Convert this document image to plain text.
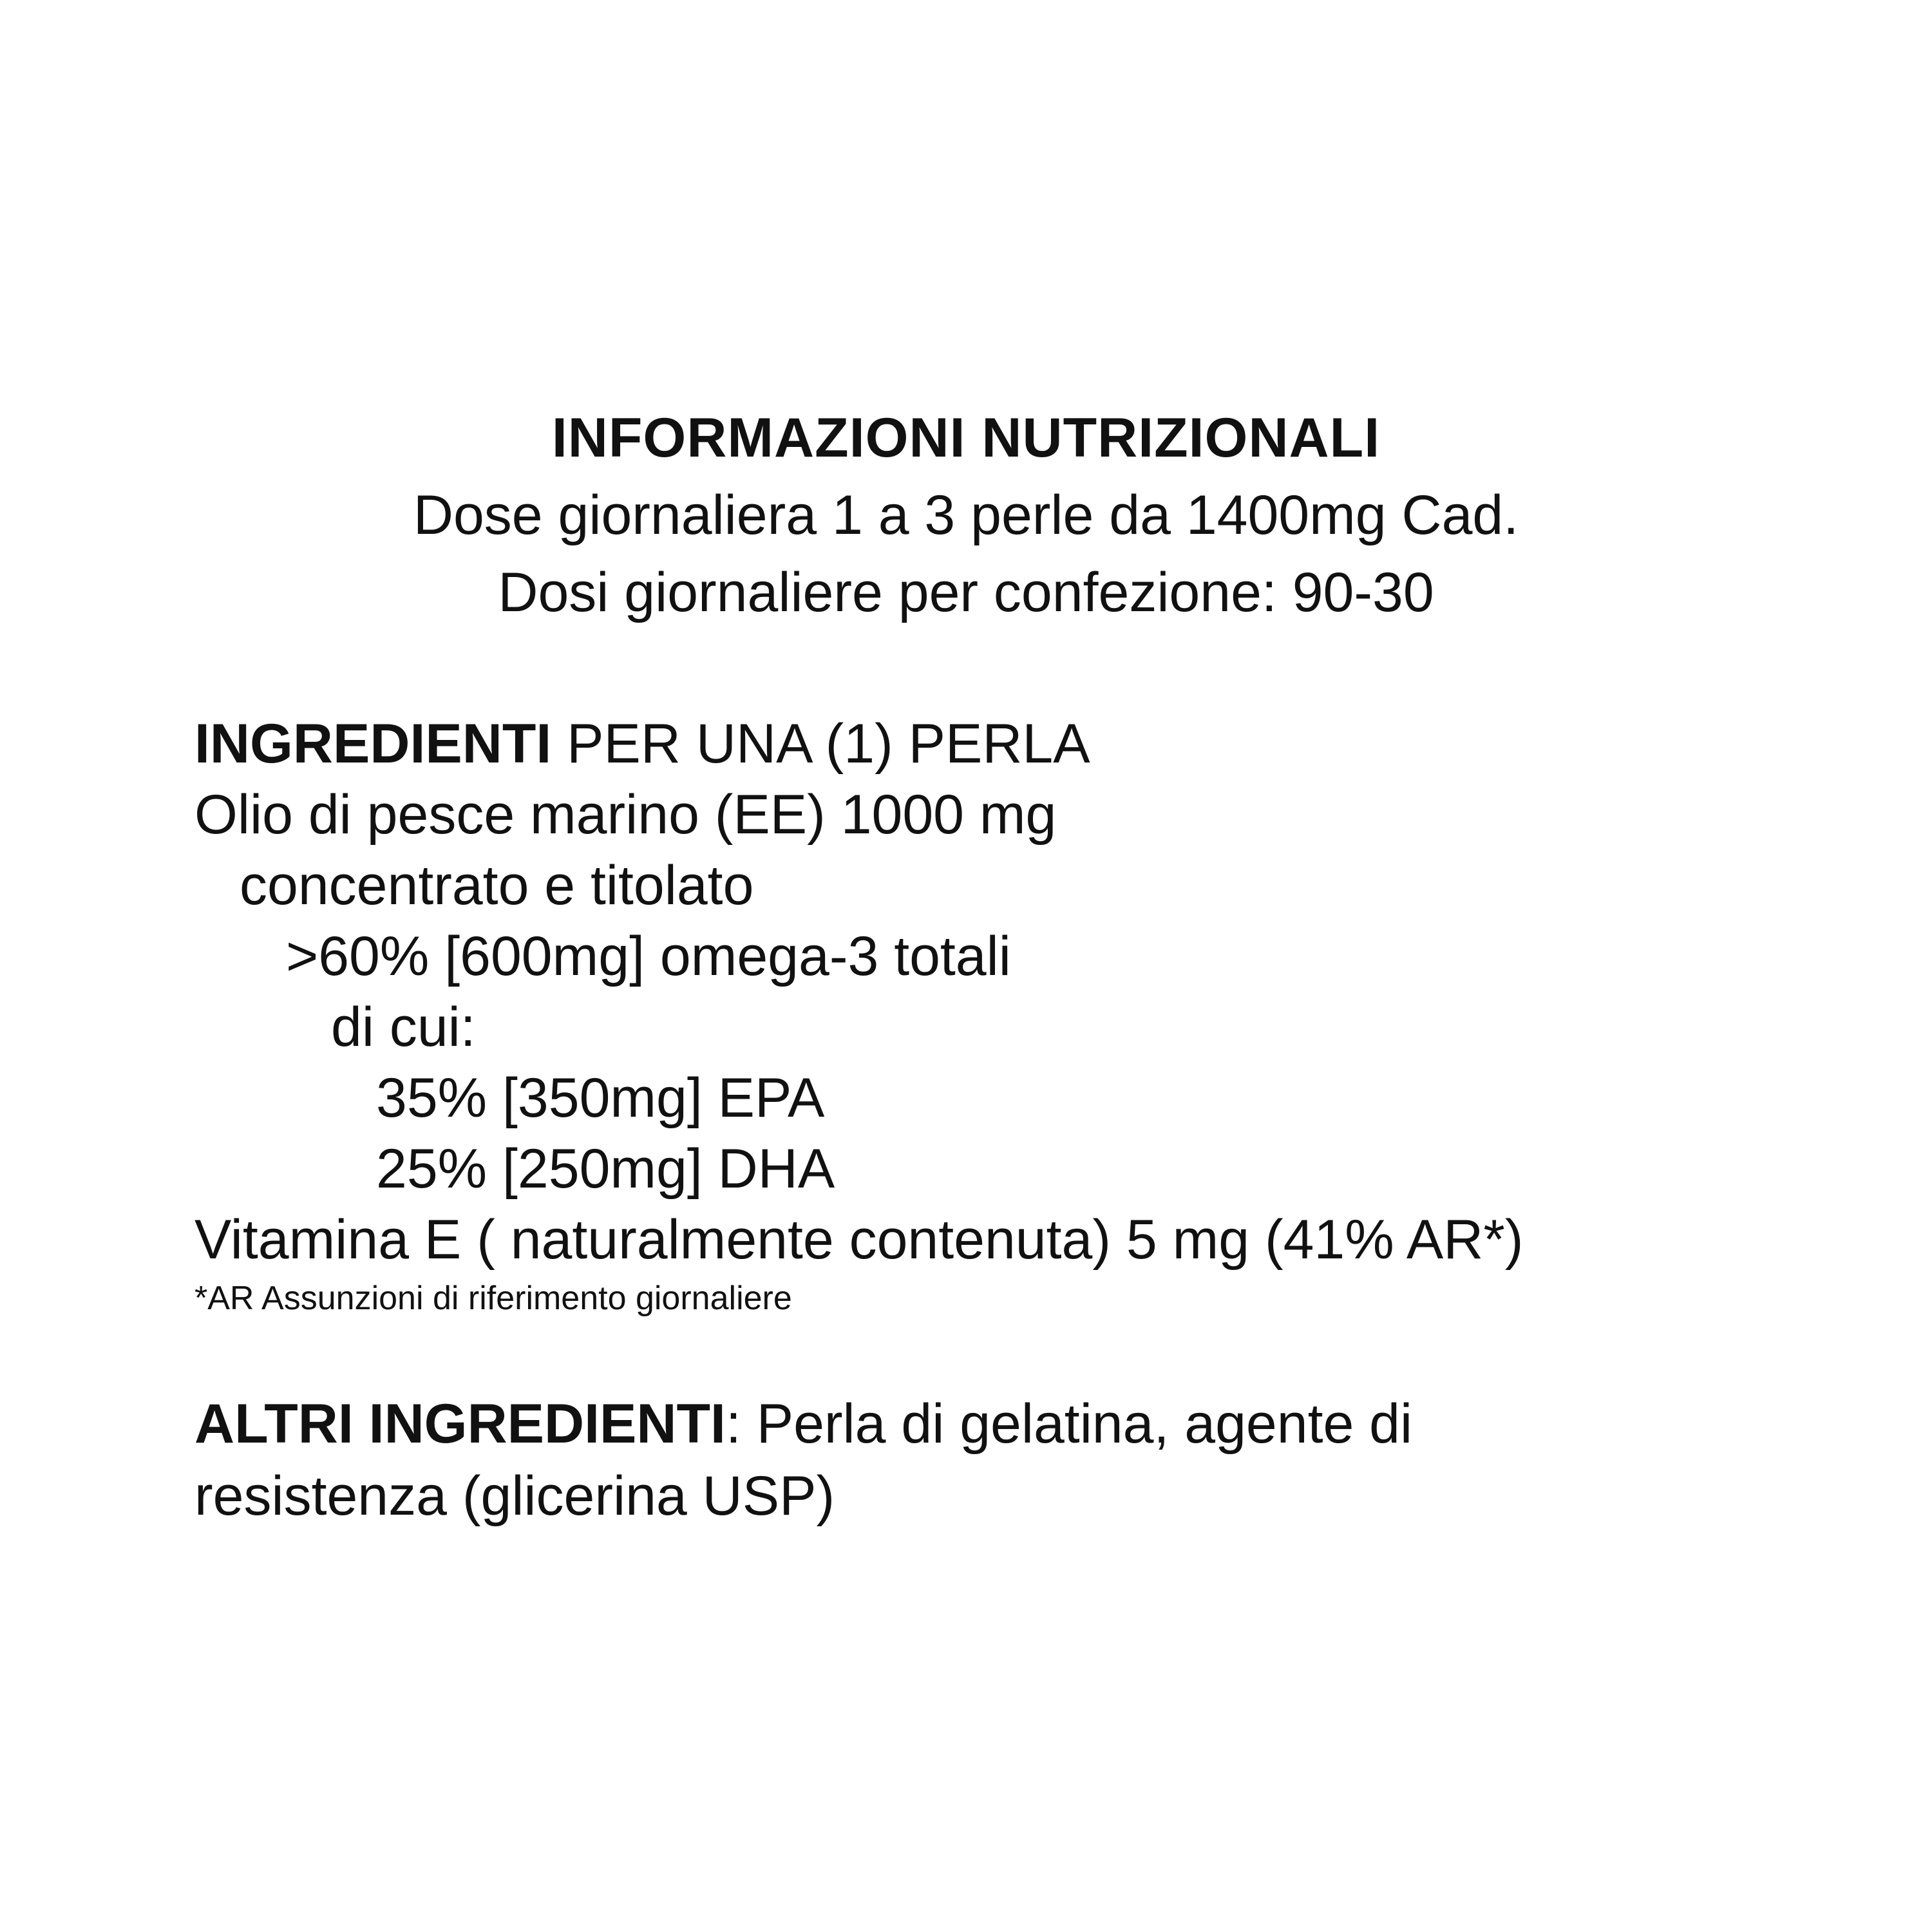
INFORMAZIONI NUTRIZIONALI
Dose giornaliera 1 a 3 perle da 1400mg Cad.
Dosi giornaliere per confezione: 90-30
INGREDIENTI PER UNA (1) PERLA
Olio di pesce marino (EE) 1000 mg
concentrato e titolato
>60% [600mg] omega-3 totali
di cui:
35% [350mg] EPA
25% [250mg] DHA
Vitamina E ( naturalmente contenuta) 5 mg (41% AR*)
*AR Assunzioni di riferimento giornaliere
ALTRI INGREDIENTI: Perla di gelatina, agente di
resistenza (glicerina USP)
